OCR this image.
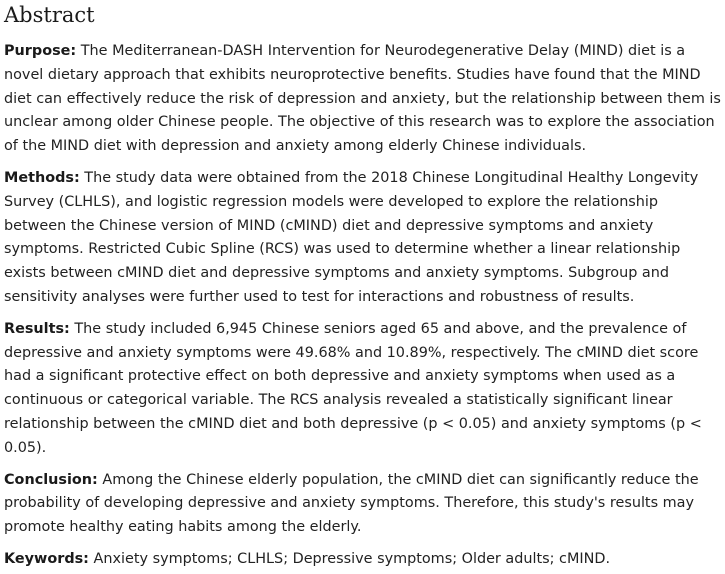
Abstract

Purpose: The Mediterranean-DASH Intervention for Neurodegenerative Delay (MIND) diet is a novel dietary approach that exhibits neuroprotective benefits. Studies have found that the MIND diet can effectively reduce the risk of depression and anxiety, but the relationship between them is unclear among older Chinese people. The objective of this research was to explore the association of the MIND diet with depression and anxiety among elderly Chinese individuals.

Methods: The study data were obtained from the 2018 Chinese Longitudinal Healthy Longevity Survey (CLHLS), and logistic regression models were developed to explore the relationship between the Chinese version of MIND (cMIND) diet and depressive symptoms and anxiety symptoms. Restricted Cubic Spline (RCS) was used to determine whether a linear relationship exists between cMIND diet and depressive symptoms and anxiety symptoms. Subgroup and sensitivity analyses were further used to test for interactions and robustness of results.

Results: The study included 6,945 Chinese seniors aged 65 and above, and the prevalence of depressive and anxiety symptoms were 49.68% and 10.89%, respectively. The cMIND diet score had a significant protective effect on both depressive and anxiety symptoms when used as a continuous or categorical variable. The RCS analysis revealed a statistically significant linear relationship between the cMIND diet and both depressive (p < 0.05) and anxiety symptoms (p < 0.05).

Conclusion: Among the Chinese elderly population, the cMIND diet can significantly reduce the probability of developing depressive and anxiety symptoms. Therefore, this study's results may promote healthy eating habits among the elderly.

Keywords: Anxiety symptoms; CLHLS; Depressive symptoms; Older adults; cMIND.
